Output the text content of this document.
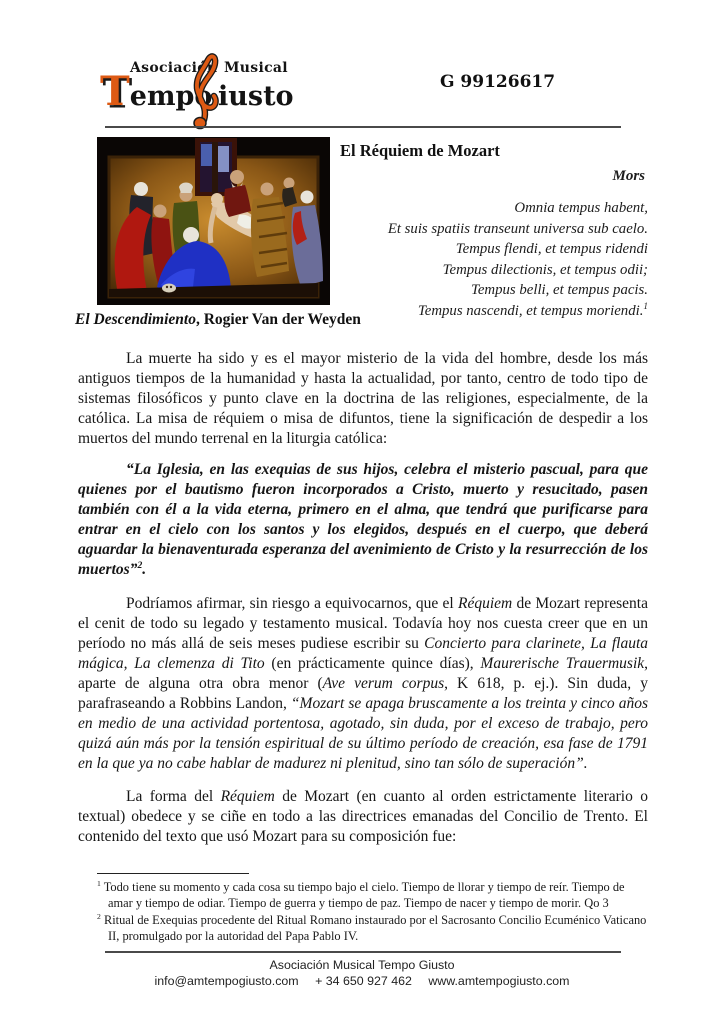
Asociación Musical
Tempo iusto	G 99126617
El Descendimiento, Rogier Van der Weyden
El Réquiem de Mozart
Mors
Omnia tempus habent,
Et suis spatiis transeunt universa sub caelo.
Tempus flendi, et tempus ridendi
Tempus dilectionis, et tempus odii;
Tempus belli, et tempus pacis.
Tempus nascendi, et tempus moriendi.$^1$

La muerte ha sido y es el mayor misterio de la vida del hombre, desde los más antiguos tiempos de la humanidad y hasta la actualidad, por tanto, centro de todo tipo de sistemas filosóficos y punto clave en la doctrina de las religiones, especialmente, de la católica. La misa de réquiem o misa de difuntos, tiene la significación de despedir a los muertos del mundo terrenal en la liturgia católica:

“La Iglesia, en las exequias de sus hijos, celebra el misterio pascual, para que quienes por el bautismo fueron incorporados a Cristo, muerto y resucitado, pasen también con él a la vida eterna, primero en el alma, que tendrá que purificarse para entrar en el cielo con los santos y los elegidos, después en el cuerpo, que deberá aguardar la bienaventurada esperanza del avenimiento de Cristo y la resurrección de los muertos”$^2$.

Podríamos afirmar, sin riesgo a equivocarnos, que el Réquiem de Mozart representa el cenit de todo su legado y testamento musical. Todavía hoy nos cuesta creer que en un período no más allá de seis meses pudiese escribir su Concierto para clarinete, La flauta mágica, La clemenza di Tito (en prácticamente quince días), Maurerische Trauermusik, aparte de alguna otra obra menor (Ave verum corpus, K 618, p. ej.). Sin duda, y parafraseando a Robbins Landon, “Mozart se apaga bruscamente a los treinta y cinco años en medio de una actividad portentosa, agotado, sin duda, por el exceso de trabajo, pero quizá aún más por la tensión espiritual de su último período de creación, esa fase de 1791 en la que ya no cabe hablar de madurez ni plenitud, sino tan sólo de superación”.

La forma del Réquiem de Mozart (en cuanto al orden estrictamente literario o textual) obedece y se ciñe en todo a las directrices emanadas del Concilio de Trento. El contenido del texto que usó Mozart para su composición fue:

$^1$ Todo tiene su momento y cada cosa su tiempo bajo el cielo. Tiempo de llorar y tiempo de reír. Tiempo de amar y tiempo de odiar. Tiempo de guerra y tiempo de paz. Tiempo de nacer y tiempo de morir. Qo 3
$^2$ Ritual de Exequias procedente del Ritual Romano instaurado por el Sacrosanto Concilio Ecuménico Vaticano II, promulgado por la autoridad del Papa Pablo IV.
Asociación Musical Tempo Giusto
info@amtempogiusto.com + 34 650 927 462 www.amtempogiusto.com
